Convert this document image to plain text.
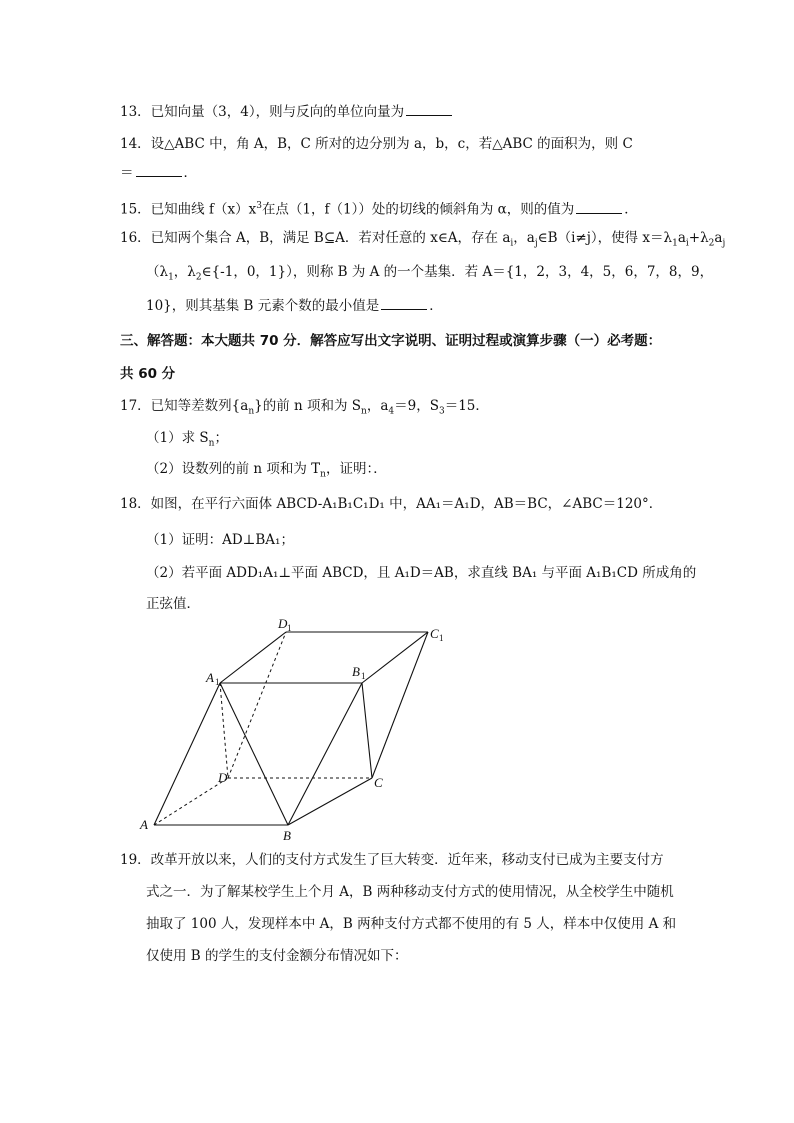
13．已知向量（3，4），则与反向的单位向量为
14．设△ABC 中，角 A，B，C 所对的边分别为 a，b，c，若△ABC 的面积为，则 C
＝	．
15．已知曲线 $f(x)x^3$在点（1，f（1））处的切线的倾斜角为 α，则的值为	．
16．已知两个集合 A，B，满足 B⊆A．若对任意的 x∈A，存在 $a_i$，$a_j\in B(i\ne j)$，使得 $x=\lambda_1a_i+\lambda_2a_j$
（$\lambda_1$，$\lambda_2\in\{-1$，0，1}），则称 B 为 A 的一个基集．若 A＝{1，2，3，4，5，6，7，8，9，
10}，则其基集 B 元素个数的最小值是	．
三、解答题：本大题共 70 分．解答应写出文字说明、证明过程或演算步骤（一）必考题：
共 60 分
17．已知等差数列$\{a_n\}$的前 n 项和为 $S_n$，$a_4=9$，$S_3=15$．
（1）求 $S_n$；
（2）设数列的前 n 项和为 $T_n$，证明：．
18．如图，在平行六面体 ABCD-A₁B₁C₁D₁ 中，AA₁＝A₁D，AB＝BC，∠ABC＝120°．
（1）证明：AD⊥BA₁；
（2）若平面 ADD₁A₁⊥平面 ABCD，且 A₁D＝AB，求直线 BA₁ 与平面 A₁B₁CD 所成角的
正弦值．
A
B
C
D
A 1
B 1
C 1
D 1
19．改革开放以来，人们的支付方式发生了巨大转变．近年来，移动支付已成为主要支付方
式之一．为了解某校学生上个月 A，B 两种移动支付方式的使用情况，从全校学生中随机
抽取了 100 人，发现样本中 A，B 两种支付方式都不使用的有 5 人，样本中仅使用 A 和
仅使用 B 的学生的支付金额分布情况如下：
